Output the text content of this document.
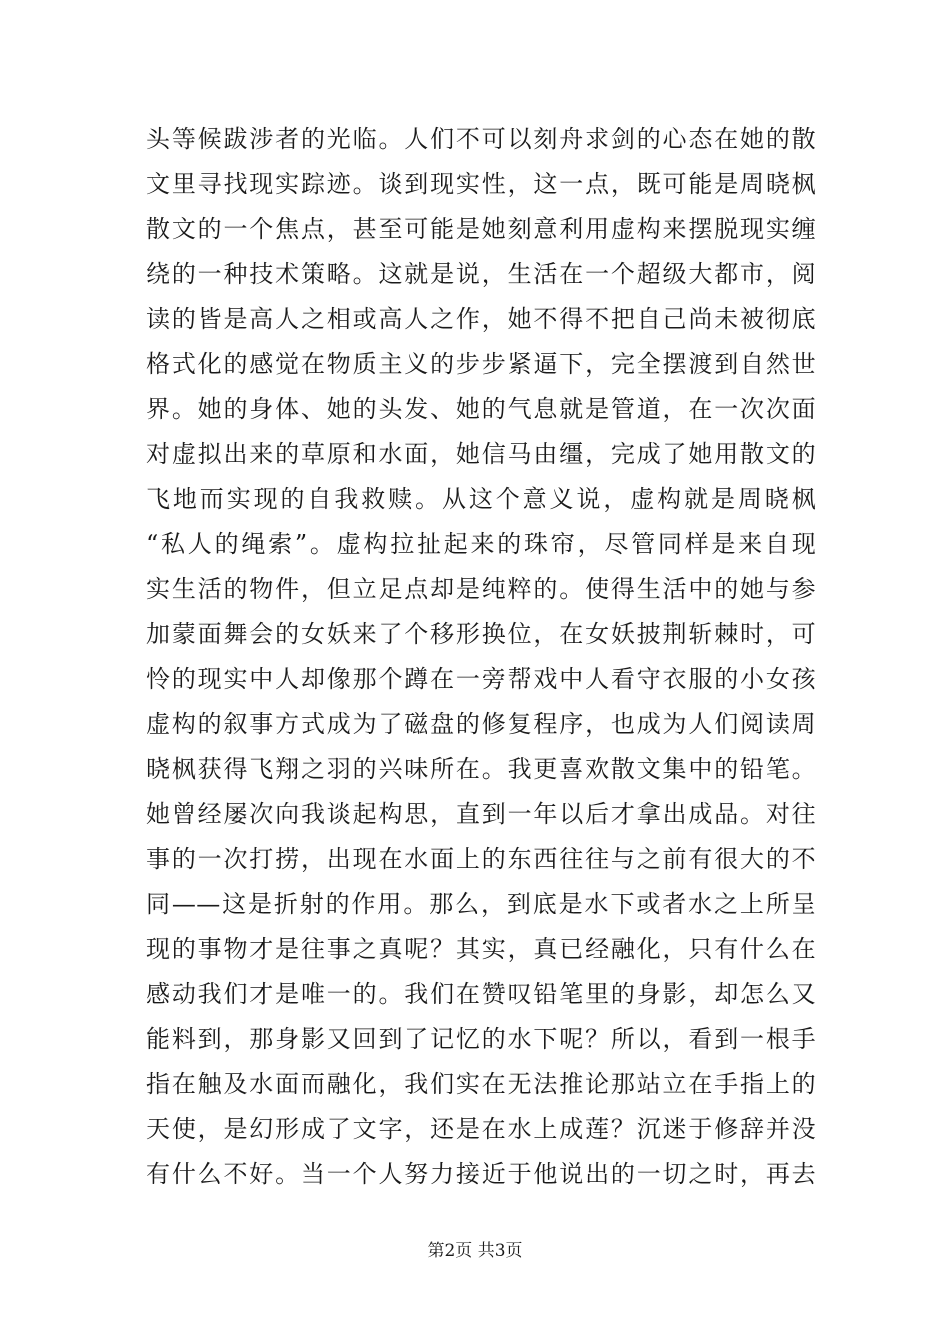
头等候跋涉者的光临。人们不可以刻舟求剑的心态在她的散
文里寻找现实踪迹。谈到现实性，这一点，既可能是周晓枫
散文的一个焦点，甚至可能是她刻意利用虚构来摆脱现实缠
绕的一种技术策略。这就是说，生活在一个超级大都市，阅
读的皆是高人之相或高人之作，她不得不把自己尚未被彻底
格式化的感觉在物质主义的步步紧逼下，完全摆渡到自然世
界。她的身体、她的头发、她的气息就是管道，在一次次面
对虚拟出来的草原和水面，她信马由缰，完成了她用散文的
飞地而实现的自我救赎。从这个意义说，虚构就是周晓枫
“私人的绳索”。虚构拉扯起来的珠帘，尽管同样是来自现
实生活的物件，但立足点却是纯粹的。使得生活中的她与参
加蒙面舞会的女妖来了个移形换位，在女妖披荆斩棘时，可
怜的现实中人却像那个蹲在一旁帮戏中人看守衣服的小女孩
虚构的叙事方式成为了磁盘的修复程序，也成为人们阅读周
晓枫获得飞翔之羽的兴味所在。我更喜欢散文集中的铅笔。
她曾经屡次向我谈起构思，直到一年以后才拿出成品。对往
事的一次打捞，出现在水面上的东西往往与之前有很大的不
同——这是折射的作用。那么，到底是水下或者水之上所呈
现的事物才是往事之真呢？其实，真已经融化，只有什么在
感动我们才是唯一的。我们在赞叹铅笔里的身影，却怎么又
能料到，那身影又回到了记忆的水下呢？所以，看到一根手
指在触及水面而融化，我们实在无法推论那站立在手指上的
天使，是幻形成了文字，还是在水上成莲？沉迷于修辞并没
有什么不好。当一个人努力接近于他说出的一切之时，再去
第2页 共3页
